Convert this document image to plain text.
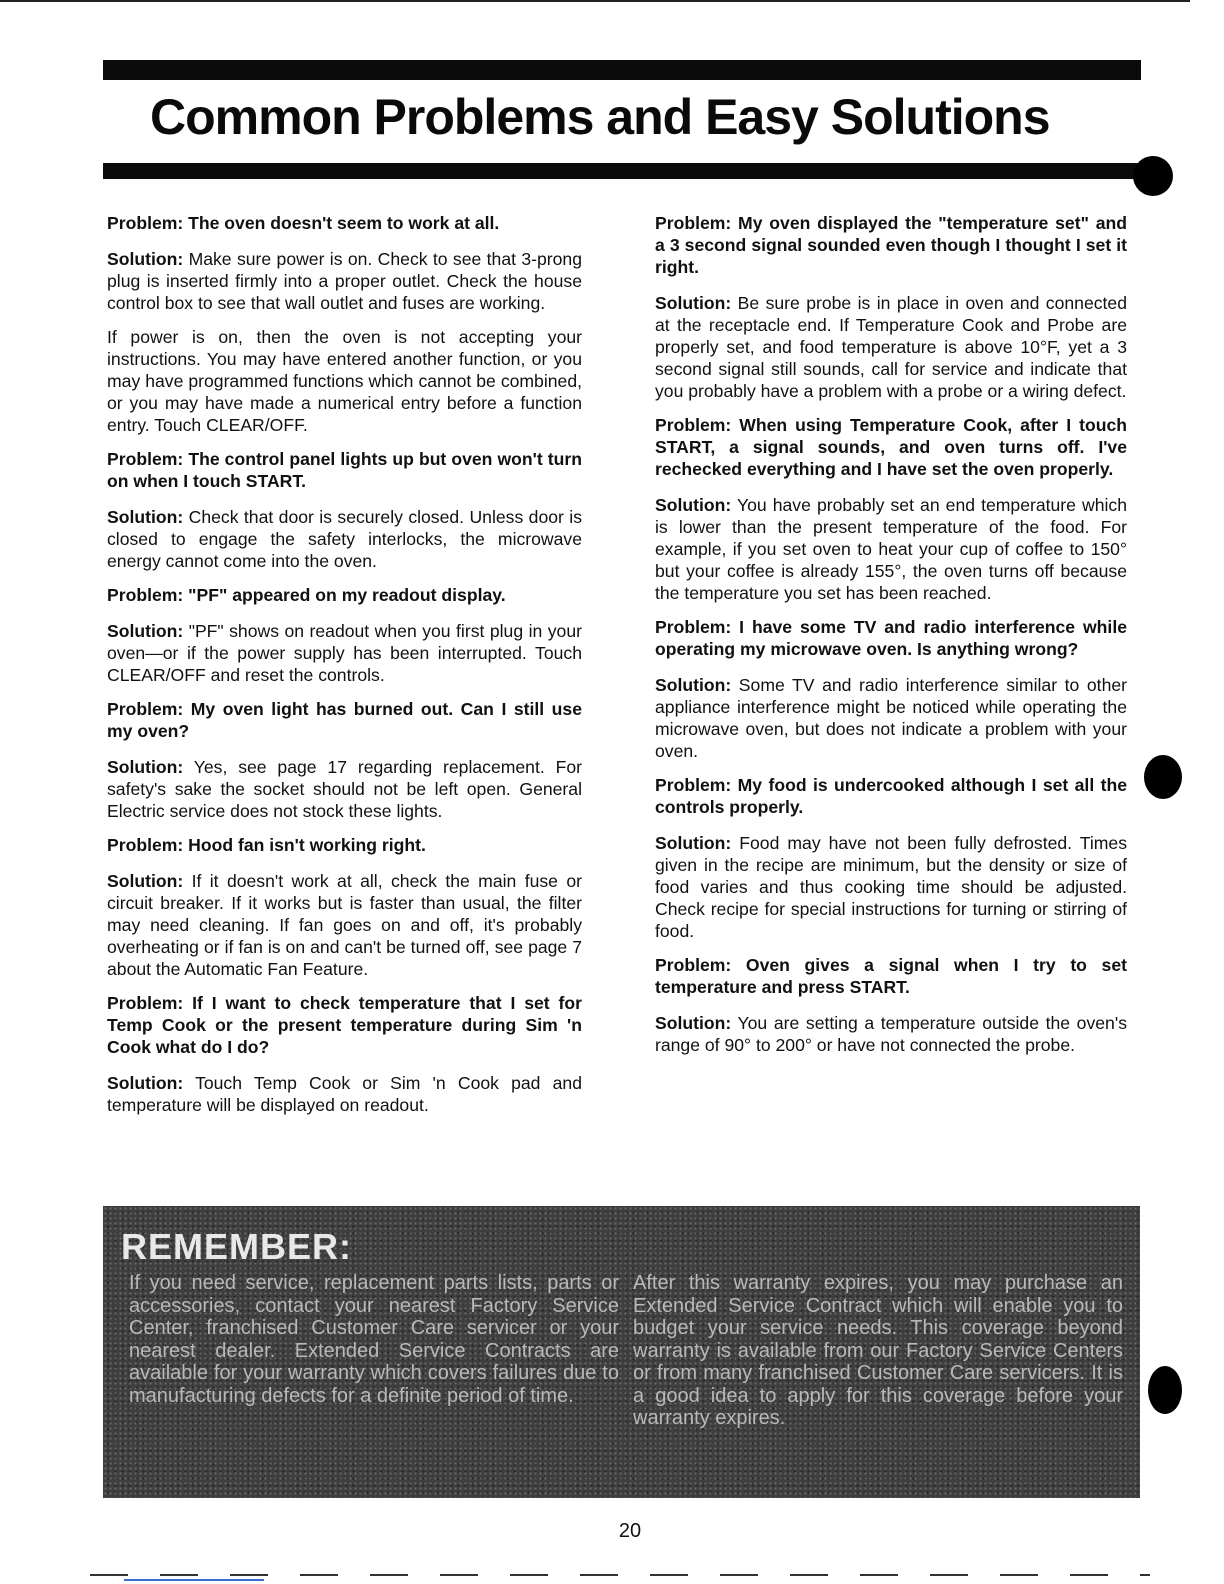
Common Problems and Easy Solutions

Problem: The oven doesn't seem to work at all.

Solution: Make sure power is on. Check to see that 3-prong plug is inserted firmly into a proper outlet. Check the house control box to see that wall outlet and fuses are working.

If power is on, then the oven is not accepting your instructions. You may have entered another function, or you may have programmed functions which cannot be combined, or you may have made a numerical entry before a function entry. Touch CLEAR/OFF.

Problem: The control panel lights up but oven won't turn on when I touch START.

Solution: Check that door is securely closed. Unless door is closed to engage the safety interlocks, the microwave energy cannot come into the oven.

Problem: "PF" appeared on my readout display.

Solution: "PF" shows on readout when you first plug in your oven—or if the power supply has been interrupted. Touch CLEAR/OFF and reset the controls.

Problem: My oven light has burned out. Can I still use my oven?

Solution: Yes, see page 17 regarding replacement. For safety's sake the socket should not be left open. General Electric service does not stock these lights.

Problem: Hood fan isn't working right.

Solution: If it doesn't work at all, check the main fuse or circuit breaker. If it works but is faster than usual, the filter may need cleaning. If fan goes on and off, it's probably overheating or if fan is on and can't be turned off, see page 7 about the Automatic Fan Feature.

Problem: If I want to check temperature that I set for Temp Cook or the present temperature during Sim 'n Cook what do I do?

Solution: Touch Temp Cook or Sim 'n Cook pad and temperature will be displayed on readout.

Problem: My oven displayed the "temperature set" and a 3 second signal sounded even though I thought I set it right.

Solution: Be sure probe is in place in oven and connected at the receptacle end. If Temperature Cook and Probe are properly set, and food temperature is above 10°F, yet a 3 second signal still sounds, call for service and indicate that you probably have a problem with a probe or a wiring defect.

Problem: When using Temperature Cook, after I touch START, a signal sounds, and oven turns off. I've rechecked everything and I have set the oven properly.

Solution: You have probably set an end temperature which is lower than the present temperature of the food. For example, if you set oven to heat your cup of coffee to 150° but your coffee is already 155°, the oven turns off because the temperature you set has been reached.

Problem: I have some TV and radio interference while operating my microwave oven. Is anything wrong?

Solution: Some TV and radio interference similar to other appliance interference might be noticed while operating the microwave oven, but does not indicate a problem with your oven.

Problem: My food is undercooked although I set all the controls properly.

Solution: Food may have not been fully defrosted. Times given in the recipe are minimum, but the density or size of food varies and thus cooking time should be adjusted. Check recipe for special instructions for turning or stirring of food.

Problem: Oven gives a signal when I try to set temperature and press START.

Solution: You are setting a temperature outside the oven's range of 90° to 200° or have not connected the probe.

REMEMBER:

If you need service, replacement parts lists, parts or accessories, contact your nearest Factory Service Center, franchised Customer Care servicer or your nearest dealer. Extended Service Contracts are available for your warranty which covers failures due to manufacturing defects for a definite period of time.

After this warranty expires, you may purchase an Extended Service Contract which will enable you to budget your service needs. This coverage beyond warranty is available from our Factory Service Centers or from many franchised Customer Care servicers. It is a good idea to apply for this coverage before your warranty expires.

20
